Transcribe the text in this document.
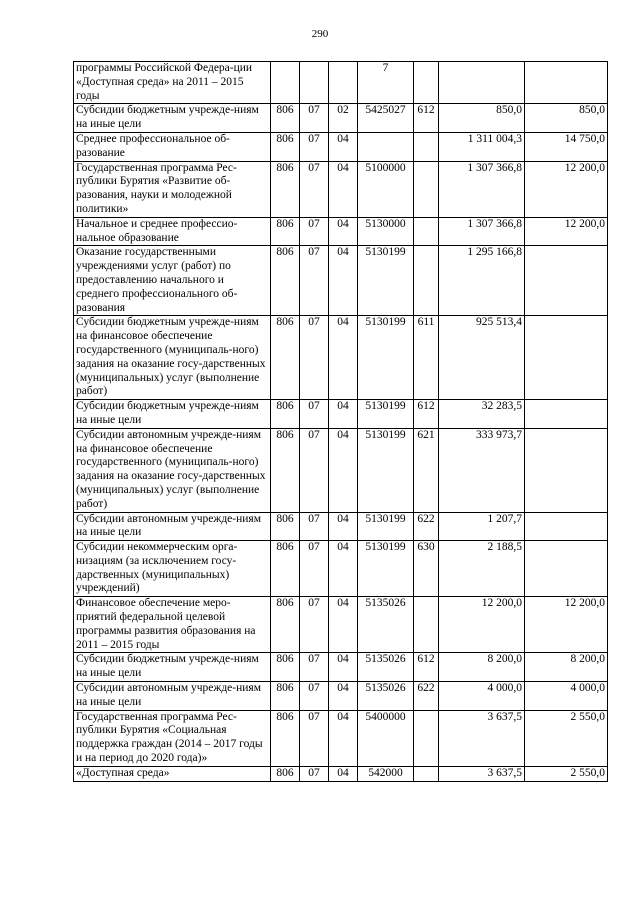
290
программы Российской Федера-ции «Доступная среда» на 2011 – 2015 годы				7			
Субсидии бюджетным учрежде-ниям на иные цели	806	07	02	5425027	612	850,0	850,0
Среднее профессиональное об-разование	806	07	04			1 311 004,3	14 750,0
Государственная программа Рес-публики Бурятия «Развитие об-разования, науки и молодежной политики»	806	07	04	5100000		1 307 366,8	12 200,0
Начальное и среднее профессио-нальное образование	806	07	04	5130000		1 307 366,8	12 200,0
Оказание государственными учреждениями услуг (работ) по предоставлению начального и среднего профессионального об-разования	806	07	04	5130199		1 295 166,8	
Субсидии бюджетным учрежде-ниям на финансовое обеспечение государственного (муниципаль-ного) задания на оказание госу-дарственных (муниципальных) услуг (выполнение работ)	806	07	04	5130199	611	925 513,4	
Субсидии бюджетным учрежде-ниям на иные цели	806	07	04	5130199	612	32 283,5	
Субсидии автономным учрежде-ниям на финансовое обеспечение государственного (муниципаль-ного) задания на оказание госу-дарственных (муниципальных) услуг (выполнение работ)	806	07	04	5130199	621	333 973,7	
Субсидии автономным учрежде-ниям на иные цели	806	07	04	5130199	622	1 207,7	
Субсидии некоммерческим орга-низациям (за исключением госу-дарственных (муниципальных) учреждений)	806	07	04	5130199	630	2 188,5	
Финансовое обеспечение меро-приятий федеральной целевой программы развития образования на 2011 – 2015 годы	806	07	04	5135026		12 200,0	12 200,0
Субсидии бюджетным учрежде-ниям на иные цели	806	07	04	5135026	612	8 200,0	8 200,0
Субсидии автономным учрежде-ниям на иные цели	806	07	04	5135026	622	4 000,0	4 000,0
Государственная программа Рес-публики Бурятия «Социальная поддержка граждан (2014 – 2017 годы и на период до 2020 года)»	806	07	04	5400000		3 637,5	2 550,0
«Доступная среда»	806	07	04	542000		3 637,5	2 550,0
